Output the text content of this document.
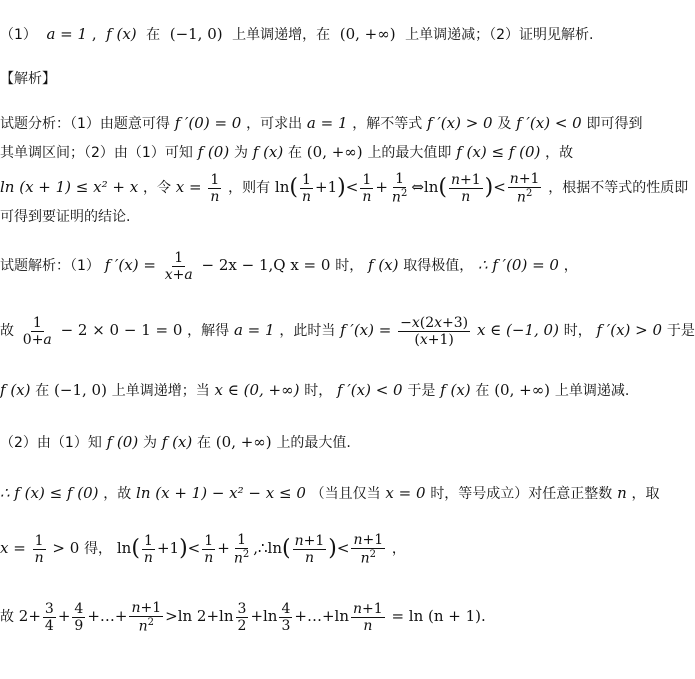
（1） a = 1 ,  f (x) 在 (−1, 0) 上单调递增，在 (0, +∞) 上单调递减；（2）证明见解析.
【解析】
试题分析：（1）由题意可得 f ′(0) = 0 ，可求出 a = 1 ，解不等式 f ′(x) > 0 及 f ′(x) < 0 即可得到
其单调区间；（2）由（1）可知 f (0) 为 f (x) 在 (0, +∞) 上的最大值即 f (x) ≤ f (0) ，故
ln (x + 1) ≤ x² + x ，令 $x = \frac{1}{n}$ ，则有 $\ln( \frac{1}{n} +1)< \frac{1}{n} + \frac{1}{n^2}$ ⇔ln( $\frac{n+1}{n}$ )< $\frac{n+1}{n^2}$ ，根据不等式的性质即
可得到要证明的结论.
试题解析：（1） f $'(x) = \frac{1}{x+a} - 2x - 1,Q$ x = 0 时， f (x) 取得极值， ∴ f ′(0) = 0 ，
故 $\frac{1}{0+a} - 2 \times 0 - 1 = 0$ ，解得 a = 1 ，此时当 f $'(x) = \frac{-x(2x+3)}{(x+1)}$ x ∈ (−1, 0) 时， f ′(x) > 0 于是
f (x) 在 (−1, 0) 上单调递增；当 x ∈ (0, +∞) 时， f ′(x) < 0 于是 f (x) 在 (0, +∞) 上单调递减.
（2）由（1）知 f (0) 为 f (x) 在 (0, +∞) 上的最大值.
∴ f (x) ≤ f (0) ，故 ln (x + 1) − x² − x ≤ 0 （当且仅当 x = 0 时，等号成立）对任意正整数 n ，取
$x = \frac{1}{n} > 0$ 得， $\ln( \frac{1}{n} +1)< \frac{1}{n} + \frac{1}{n^2}$ ,∴ln( $\frac{n+1}{n}$ )< $\frac{n+1}{n^2}$ ，
故 $2+ \frac{3}{4} + \frac{4}{9}$ +…+ $\frac{n+1}{n^2} >\ln$ $2+\ln \frac{3}{2} +\ln \frac{4}{3}$ +…+ln $\frac{n+1}{n} = \ln (n + 1)$.
